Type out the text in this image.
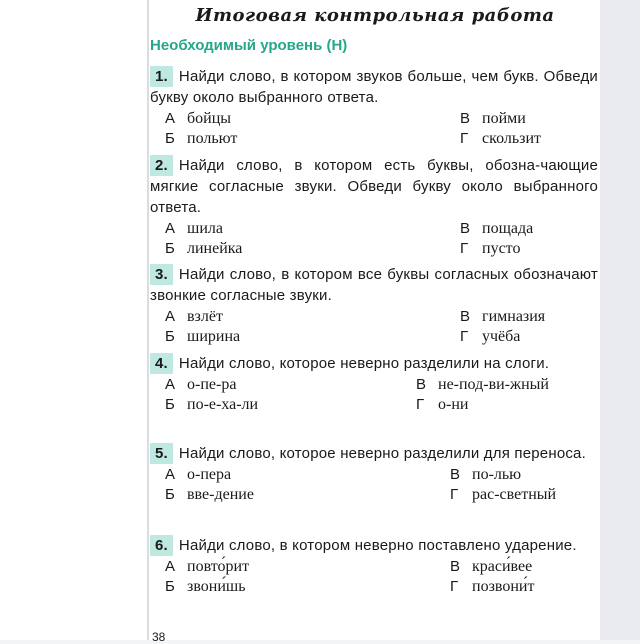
Итоговая контрольная работа
Необходимый уровень (Н)
1. Найди слово, в котором звуков больше, чем букв. Обведи букву около выбранного ответа.
А бойцы
Б польют
В пойми
Г скользит
2. Найди слово, в котором есть буквы, обозна-чающие мягкие согласные звуки. Обведи букву около выбранного ответа.
А шила
Б линейка
В пощада
Г пусто
3. Найди слово, в котором все буквы согласных обозначают звонкие согласные звуки.
А взлёт
Б ширина
В гимназия
Г учёба
4. Найди слово, которое неверно разделили на слоги.
А о-пе-ра
Б по-е-ха-ли
В не-под-ви-жный
Г о-ни
5. Найди слово, которое неверно разделили для переноса.
А о-пера
Б вве-дение
В по-лью
Г рас-светный
6. Найди слово, в котором неверно поставлено ударение.
А повто́рит
Б звони́шь
В краси́вее
Г позвони́т
38
